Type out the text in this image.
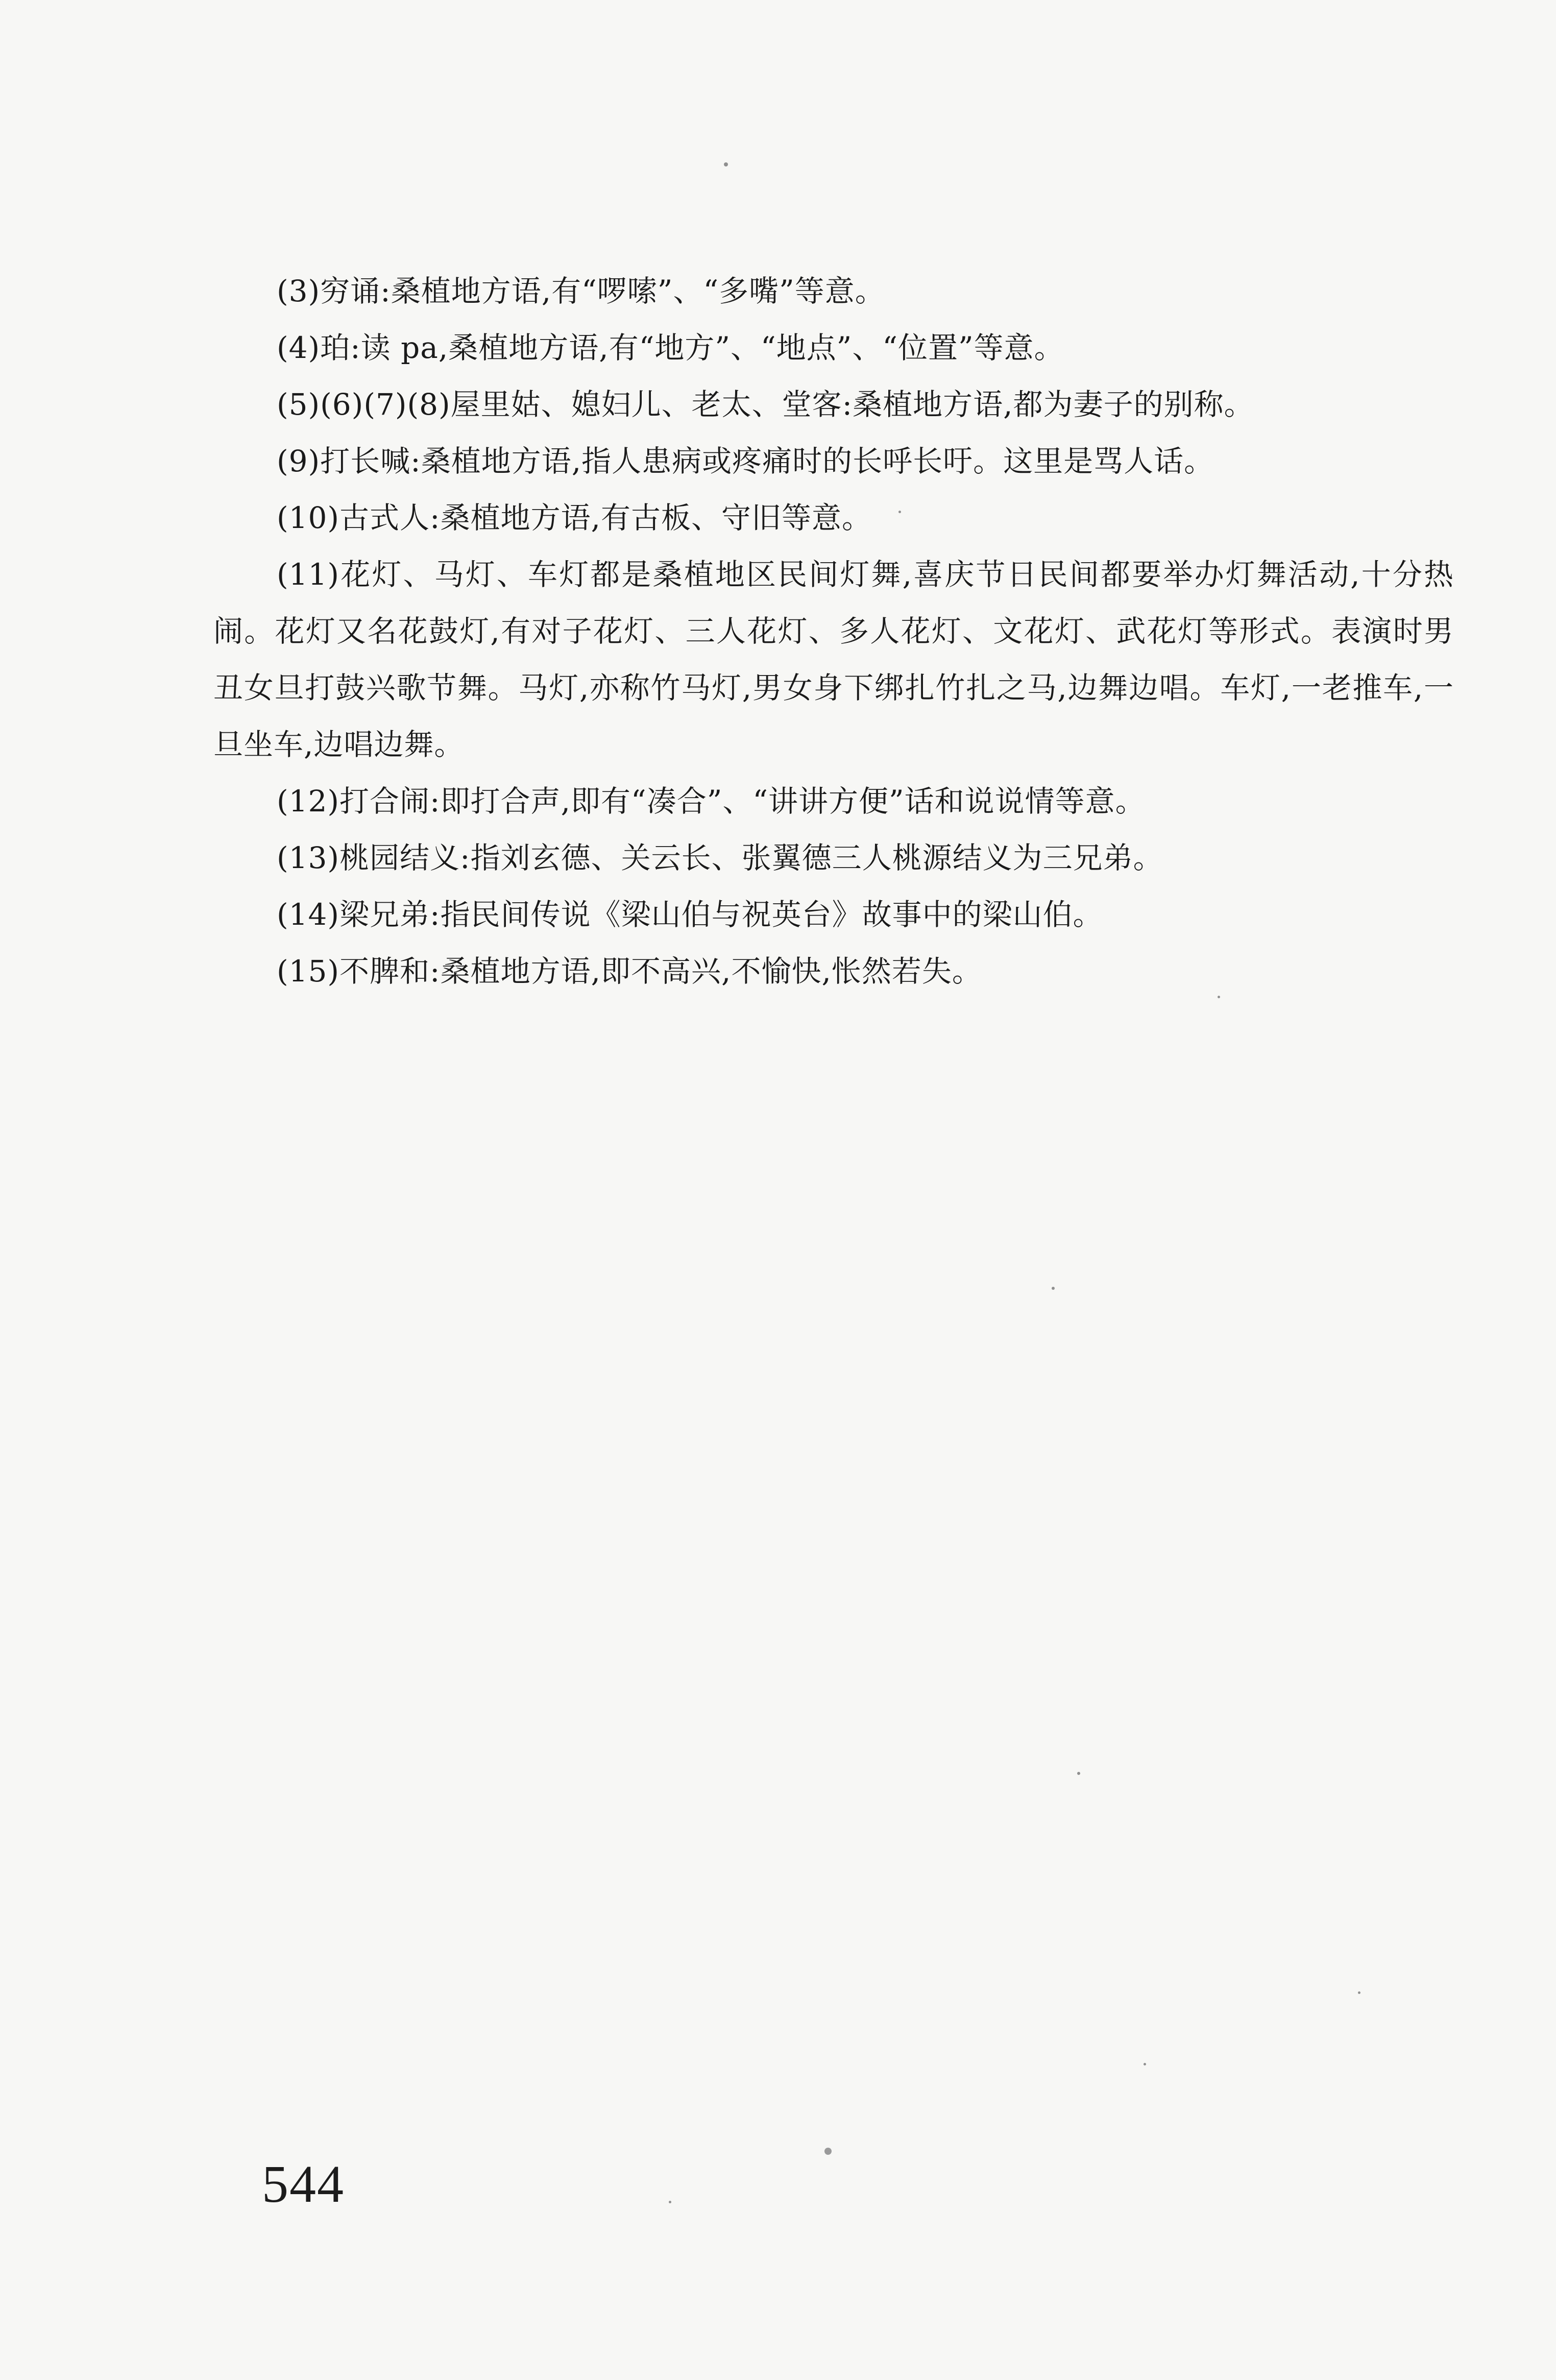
(3)穷诵:桑植地方语,有“啰嗦”、“多嘴”等意。

(4)珀:读 pa,桑植地方语,有“地方”、“地点”、“位置”等意。

(5)(6)(7)(8)屋里姑、媳妇儿、老太、堂客:桑植地方语,都为妻子的别称。

(9)打长喊:桑植地方语,指人患病或疼痛时的长呼长吁。这里是骂人话。

(10)古式人:桑植地方语,有古板、守旧等意。

(11)花灯、马灯、车灯都是桑植地区民间灯舞,喜庆节日民间都要举办灯舞活动,十分热闹。花灯又名花鼓灯,有对子花灯、三人花灯、多人花灯、文花灯、武花灯等形式。表演时男丑女旦打鼓兴歌节舞。马灯,亦称竹马灯,男女身下绑扎竹扎之马,边舞边唱。车灯,一老推车,一旦坐车,边唱边舞。

(12)打合闹:即打合声,即有“凑合”、“讲讲方便”话和说说情等意。

(13)桃园结义:指刘玄德、关云长、张翼德三人桃源结义为三兄弟。

(14)梁兄弟:指民间传说《梁山伯与祝英台》故事中的梁山伯。

(15)不脾和:桑植地方语,即不高兴,不愉快,怅然若失。

544
